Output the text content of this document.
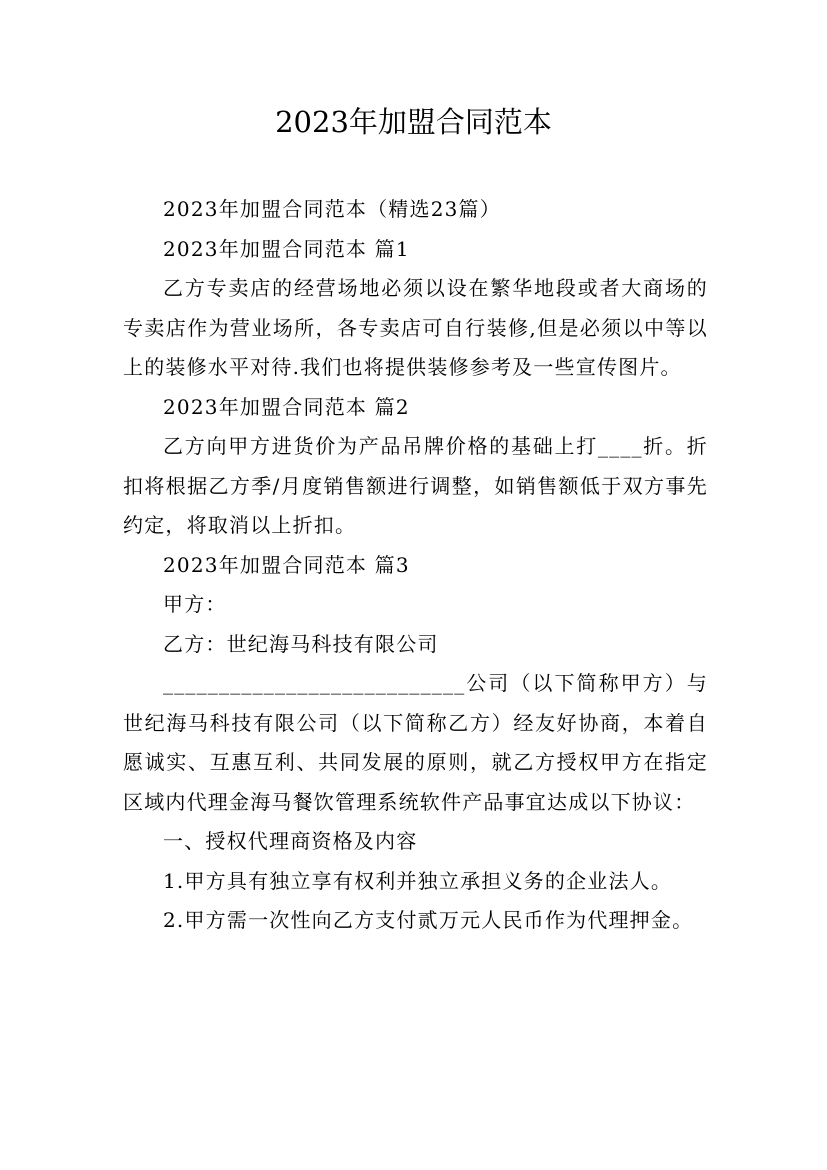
2023年加盟合同范本

2023年加盟合同范本（精选23篇）

2023年加盟合同范本 篇1

乙方专卖店的经营场地必须以设在繁华地段或者大商场的专卖店作为营业场所，各专卖店可自行装修,但是必须以中等以上的装修水平对待.我们也将提供装修参考及一些宣传图片。

2023年加盟合同范本 篇2

乙方向甲方进货价为产品吊牌价格的基础上打____折。折扣将根据乙方季/月度销售额进行调整，如销售额低于双方事先约定，将取消以上折扣。

2023年加盟合同范本 篇3

甲方：

乙方：世纪海马科技有限公司

___________________________公司（以下简称甲方）与世纪海马科技有限公司（以下简称乙方）经友好协商，本着自愿诚实、互惠互利、共同发展的原则，就乙方授权甲方在指定区域内代理金海马餐饮管理系统软件产品事宜达成以下协议：

一、授权代理商资格及内容

1.甲方具有独立享有权利并独立承担义务的企业法人。

2.甲方需一次性向乙方支付贰万元人民币作为代理押金。
